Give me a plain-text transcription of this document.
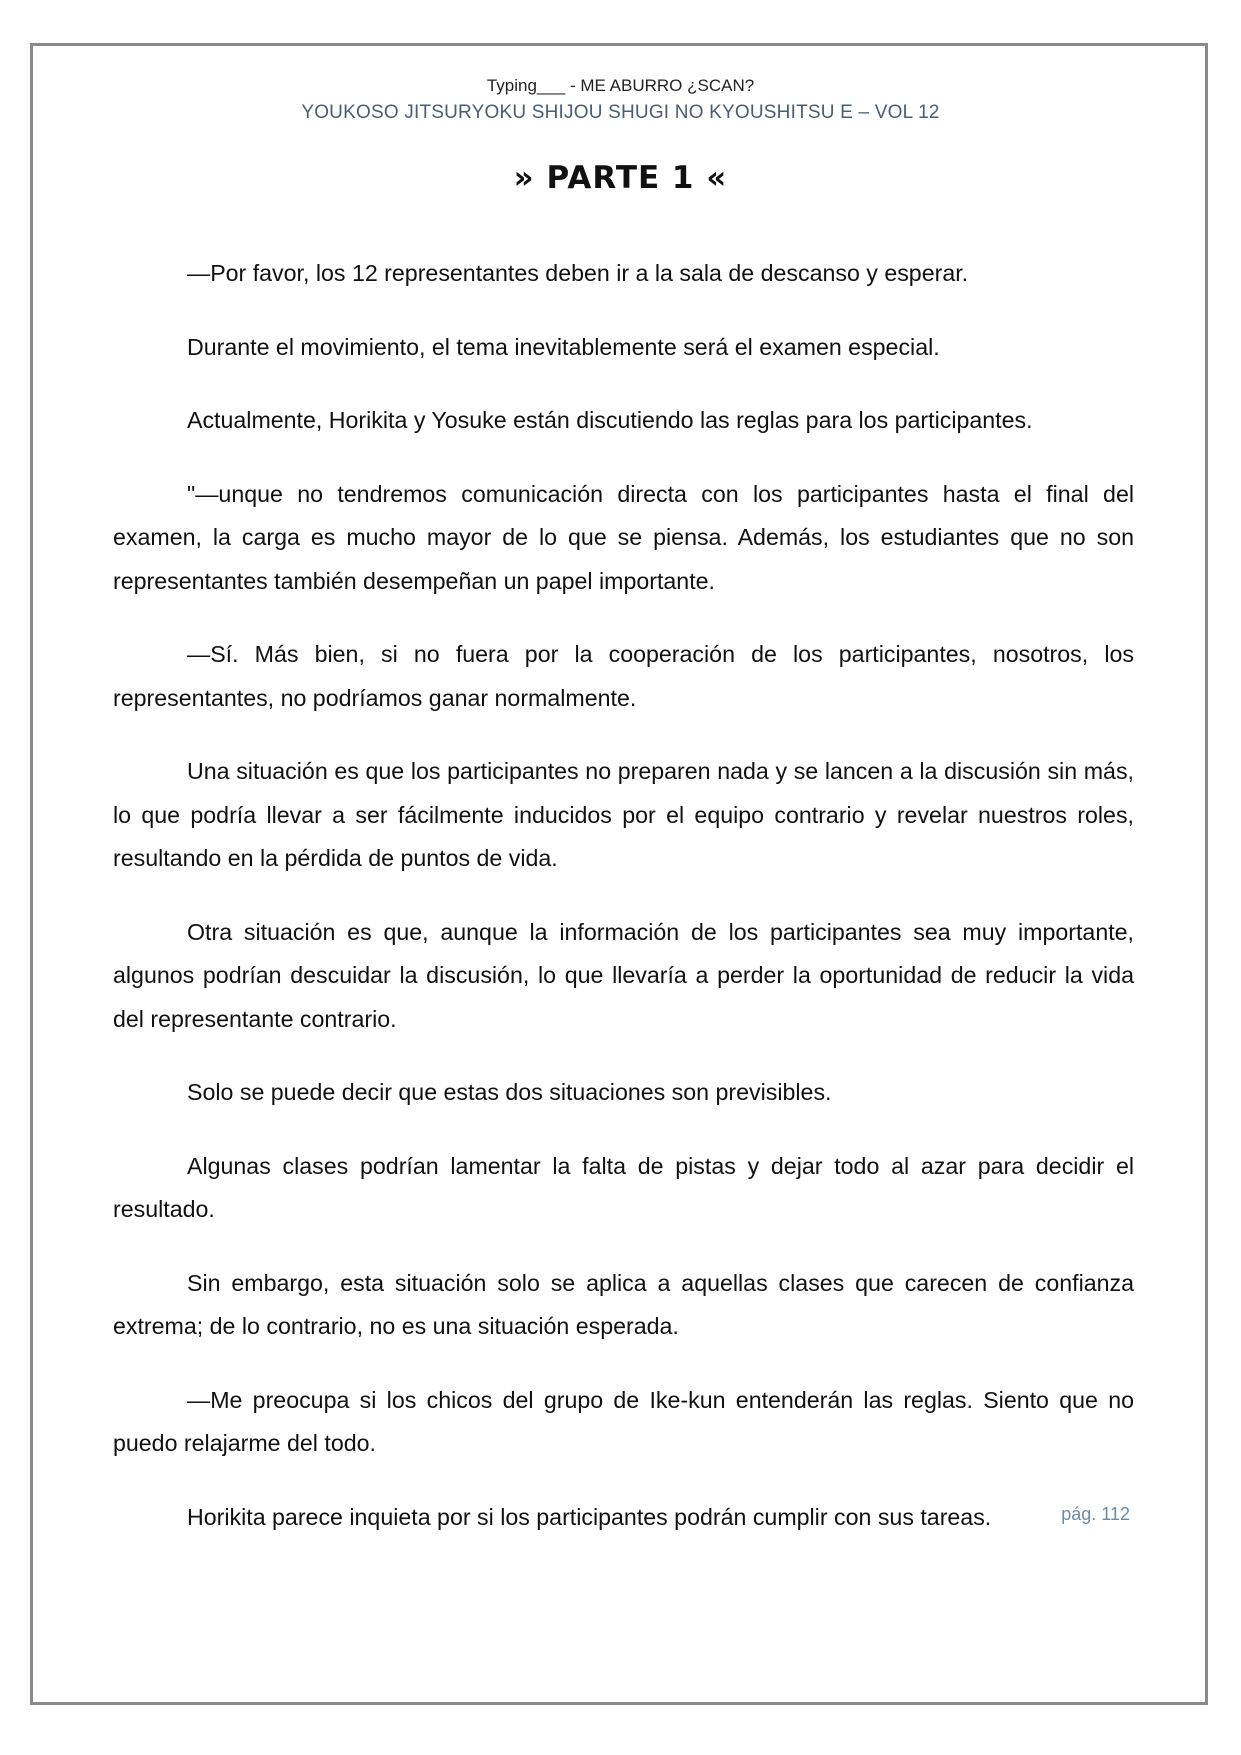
Typing___ - ME ABURRO ¿SCAN?
YOUKOSO JITSURYOKU SHIJOU SHUGI NO KYOUSHITSU E – VOL 12
» PARTE 1 «

—Por favor, los 12 representantes deben ir a la sala de descanso y esperar.

Durante el movimiento, el tema inevitablemente será el examen especial.

Actualmente, Horikita y Yosuke están discutiendo las reglas para los participantes.

"—unque no tendremos comunicación directa con los participantes hasta el final del examen, la carga es mucho mayor de lo que se piensa. Además, los estudiantes que no son representantes también desempeñan un papel importante.

—Sí. Más bien, si no fuera por la cooperación de los participantes, nosotros, los representantes, no podríamos ganar normalmente.

Una situación es que los participantes no preparen nada y se lancen a la discusión sin más, lo que podría llevar a ser fácilmente inducidos por el equipo contrario y revelar nuestros roles, resultando en la pérdida de puntos de vida.

Otra situación es que, aunque la información de los participantes sea muy importante, algunos podrían descuidar la discusión, lo que llevaría a perder la oportunidad de reducir la vida del representante contrario.

Solo se puede decir que estas dos situaciones son previsibles.

Algunas clases podrían lamentar la falta de pistas y dejar todo al azar para decidir el resultado.

Sin embargo, esta situación solo se aplica a aquellas clases que carecen de confianza extrema; de lo contrario, no es una situación esperada.

—Me preocupa si los chicos del grupo de Ike-kun entenderán las reglas. Siento que no puedo relajarme del todo.

Horikita parece inquieta por si los participantes podrán cumplir con sus tareas.	pág. 112
